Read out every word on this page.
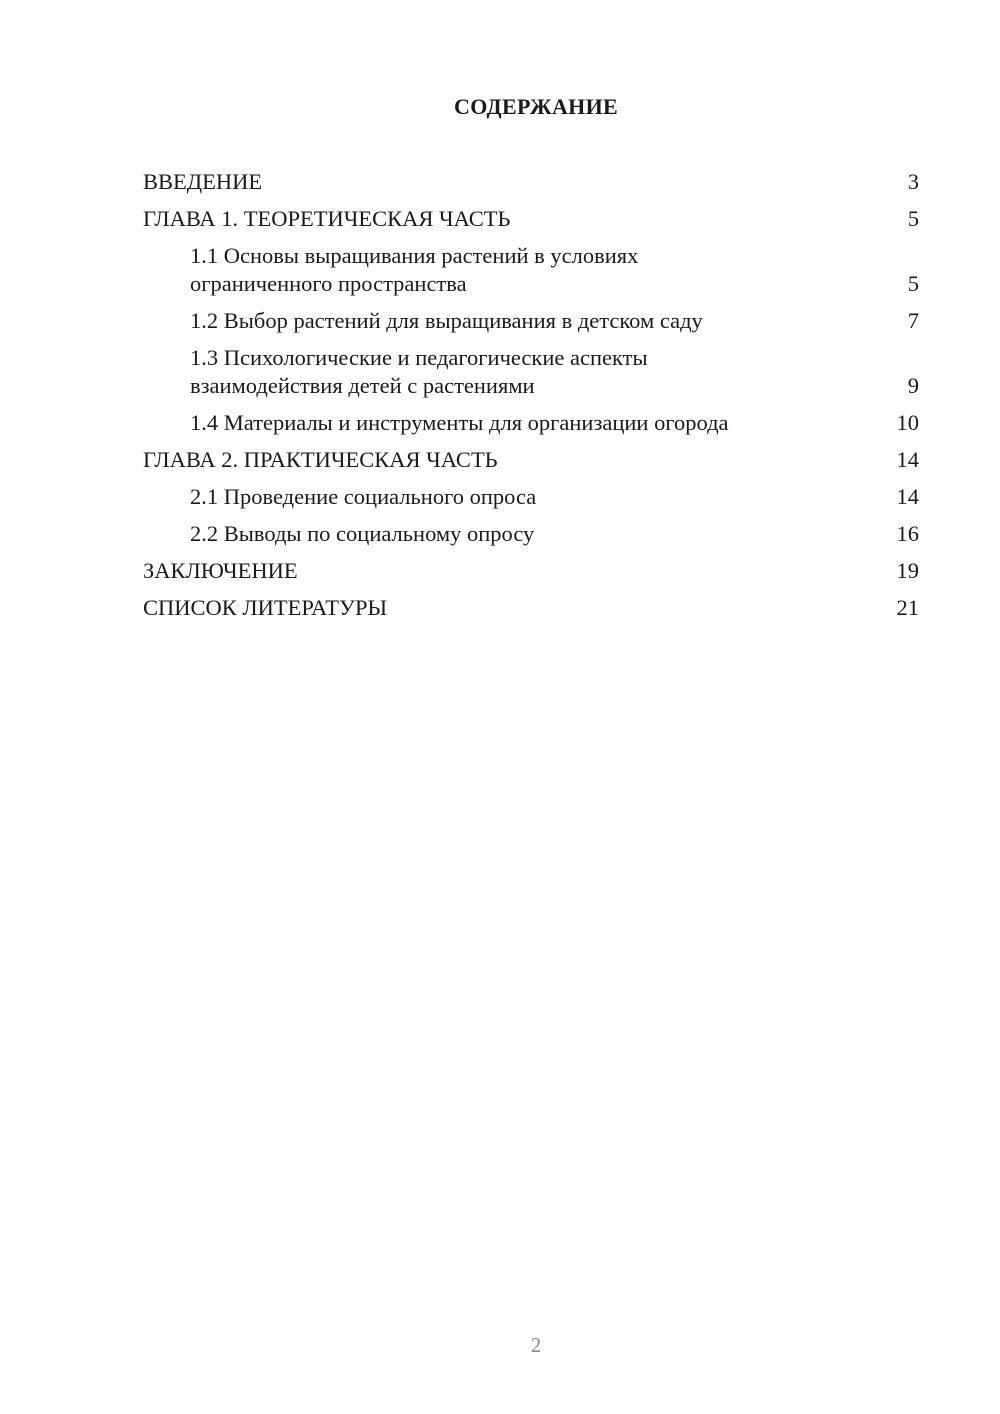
СОДЕРЖАНИЕ
ВВЕДЕНИЕ	3
ГЛАВА 1. ТЕОРЕТИЧЕСКАЯ ЧАСТЬ	5
1.1 Основы выращивания растений в условиях
ограниченного пространства	5
1.2 Выбор растений для выращивания в детском саду	7
1.3 Психологические и педагогические аспекты
взаимодействия детей с растениями	9
1.4 Материалы и инструменты для организации огорода	10
ГЛАВА 2. ПРАКТИЧЕСКАЯ ЧАСТЬ	14
2.1 Проведение социального опроса	14
2.2 Выводы по социальному опросу	16
ЗАКЛЮЧЕНИЕ	19
СПИСОК ЛИТЕРАТУРЫ	21
2
